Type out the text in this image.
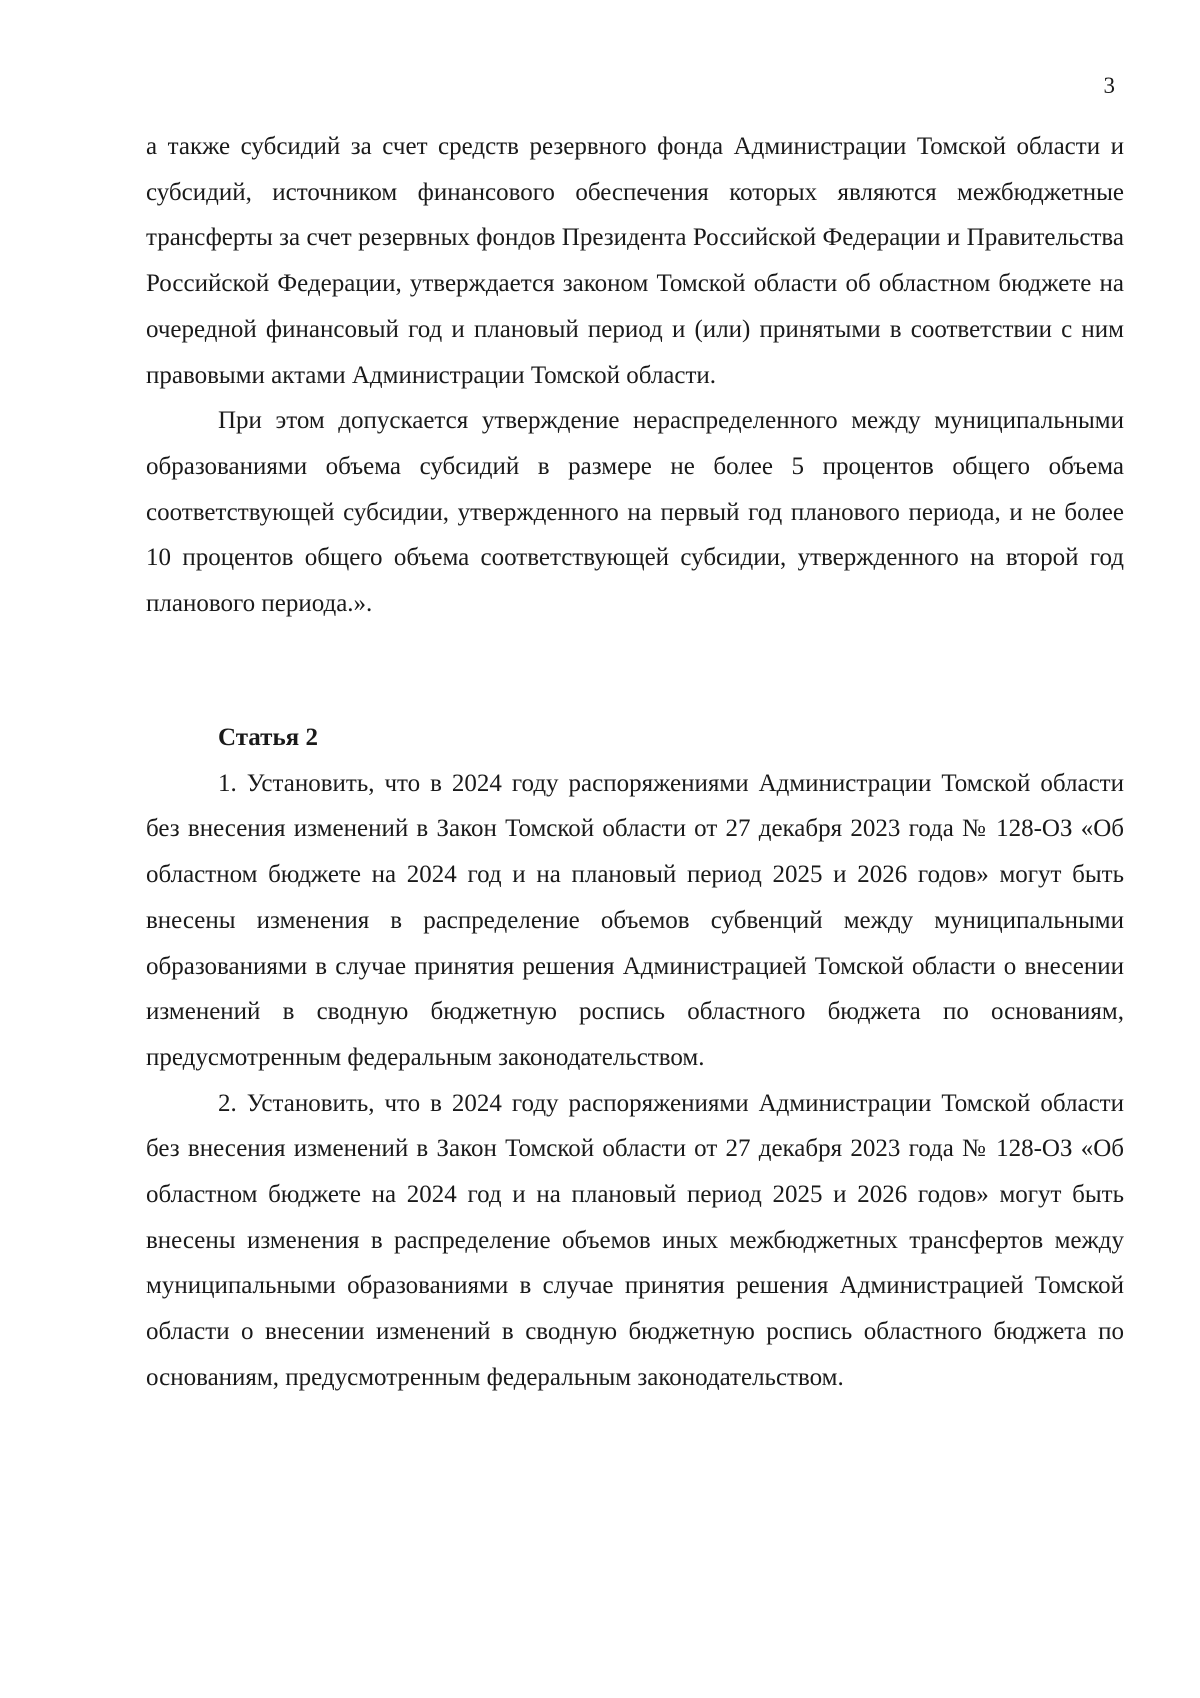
3

а также субсидий за счет средств резервного фонда Администрации Томской области и субсидий, источником финансового обеспечения которых являются межбюджетные трансферты за счет резервных фондов Президента Российской Федерации и Правительства Российской Федерации, утверждается законом Томской области об областном бюджете на очередной финансовый год и плановый период и (или) принятыми в соответствии с ним правовыми актами Администрации Томской области.

При этом допускается утверждение нераспределенного между муниципальными образованиями объема субсидий в размере не более 5 процентов общего объема соответствующей субсидии, утвержденного на первый год планового периода, и не более 10 процентов общего объема соответствующей субсидии, утвержденного на второй год планового периода.».

Статья 2

1. Установить, что в 2024 году распоряжениями Администрации Томской области без внесения изменений в Закон Томской области от 27 декабря 2023 года № 128-ОЗ «Об областном бюджете на 2024 год и на плановый период 2025 и 2026 годов» могут быть внесены изменения в распределение объемов субвенций между муниципальными образованиями в случае принятия решения Администрацией Томской области о внесении изменений в сводную бюджетную роспись областного бюджета по основаниям, предусмотренным федеральным законодательством.

2. Установить, что в 2024 году распоряжениями Администрации Томской области без внесения изменений в Закон Томской области от 27 декабря 2023 года № 128-ОЗ «Об областном бюджете на 2024 год и на плановый период 2025 и 2026 годов» могут быть внесены изменения в распределение объемов иных межбюджетных трансфертов между муниципальными образованиями в случае принятия решения Администрацией Томской области о внесении изменений в сводную бюджетную роспись областного бюджета по основаниям, предусмотренным федеральным законодательством.
